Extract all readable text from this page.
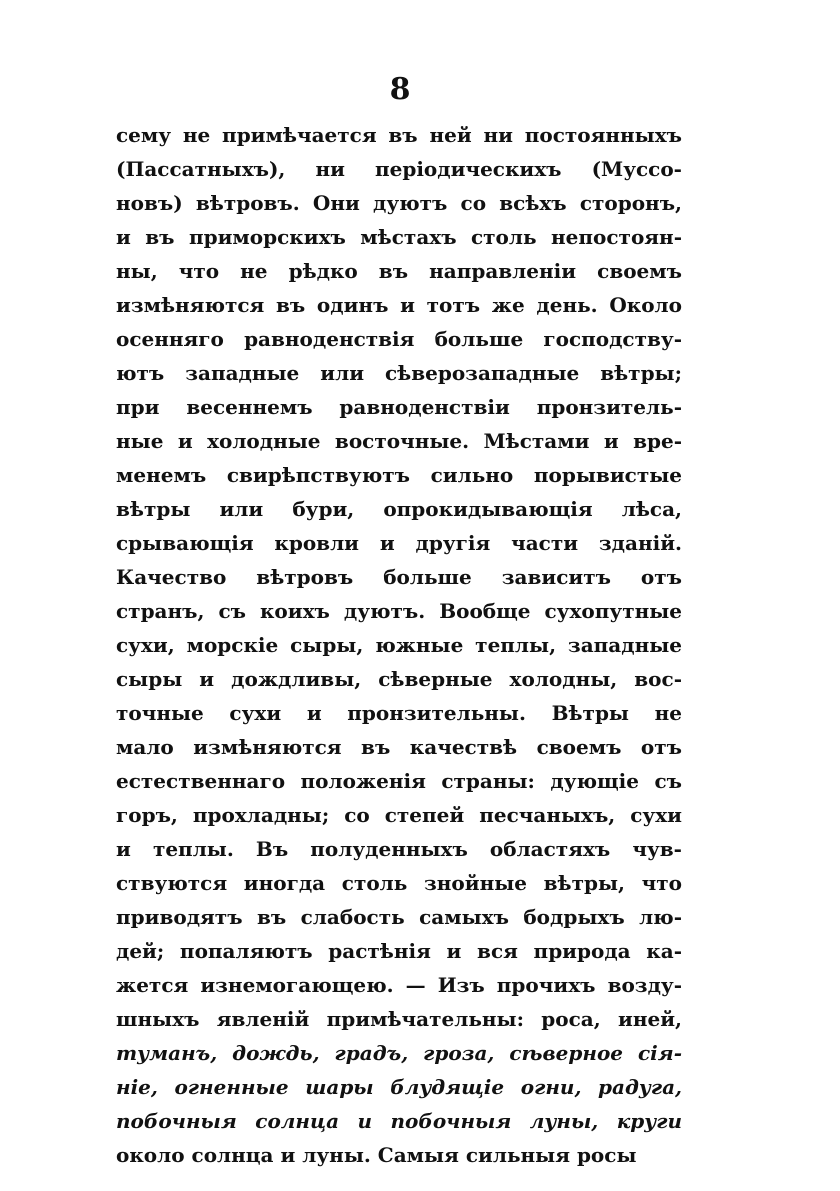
8
сему не примѣчается въ ней ни постоянныхъ
(Пассатныхъ), ни періодическихъ (Муссо-
новъ) вѣтровъ. Они дуютъ со всѣхъ сторонъ,
и въ приморскихъ мѣстахъ столь непостоян-
ны, что не рѣдко въ направленіи своемъ
измѣняются въ одинъ и тотъ же день. Около
осенняго равноденствія больше господству-
ютъ западные или сѣверозападные вѣтры;
при весеннемъ равноденствіи пронзитель-
ные и холодные восточные. Мѣстами и вре-
менемъ свирѣпствуютъ сильно порывистые
вѣтры или бури, опрокидывающія лѣса,
срывающія кровли и другія части зданій.
Качество вѣтровъ больше зависитъ отъ
странъ, съ коихъ дуютъ. Вообще сухопутные
сухи, морскіе сыры, южные теплы, западные
сыры и дождливы, сѣверные холодны, вос-
точные сухи и пронзительны. Вѣтры не
мало измѣняются въ качествѣ своемъ отъ
естественнаго положенія страны: дующіе съ
горъ, прохладны; со степей песчаныхъ, сухи
и теплы. Въ полуденныхъ областяхъ чув-
ствуются иногда столь знойные вѣтры, что
приводятъ въ слабость самыхъ бодрыхъ лю-
дей; попаляютъ растѣнія и вся природа ка-
жется изнемогающею. — Изъ прочихъ возду-
шныхъ явленій примѣчательны: роса, иней,
туманъ, дождь, градъ, гроза, сѣверное сія-
ніе, огненные шары блудящіе огни, радуга,
побочныя солнца и побочныя луны, круги
около солнца и луны. Самыя сильныя росы
